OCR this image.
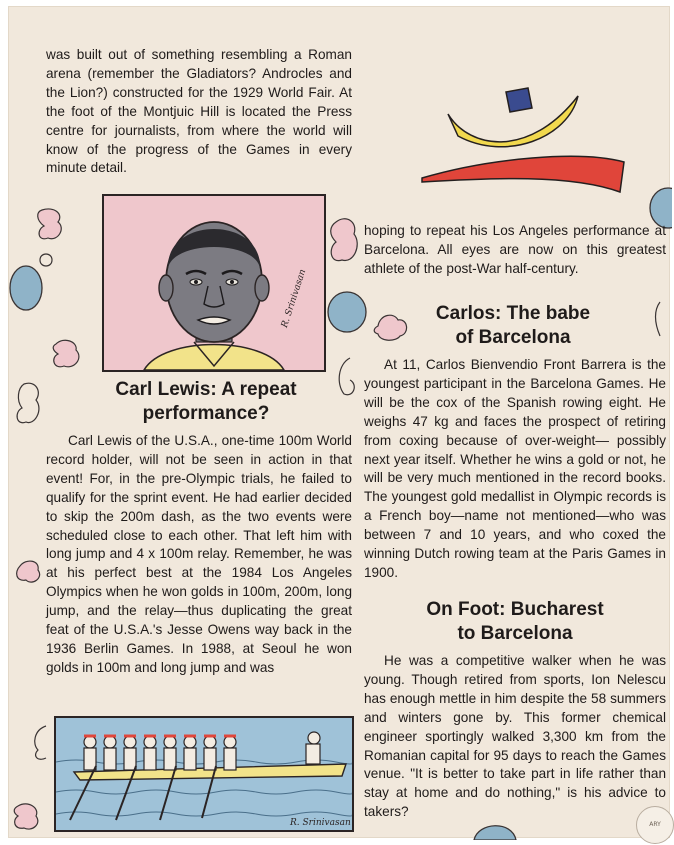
was built out of something resembling a Roman arena (remember the Gladiators? Androcles and the Lion?) constructed for the 1929 World Fair. At the foot of the Montjuic Hill is located the Press centre for journalists, from where the world will know of the progress of the Games in every minute detail.

R. Srinivasan
Carl Lewis: A repeat
performance?

Carl Lewis of the U.S.A., one-time 100m World record holder, will not be seen in action in that event! For, in the pre-Olympic trials, he failed to qualify for the sprint event. He had earlier decided to skip the 200m dash, as the two events were scheduled close to each other. That left him with long jump and 4 x 100m relay. Remember, he was at his perfect best at the 1984 Los Angeles Olympics when he won golds in 100m, 200m, long jump, and the relay—thus duplicating the great feat of the U.S.A.'s Jesse Owens way back in the 1936 Berlin Games. In 1988, at Seoul he won golds in 100m and long jump and was

hoping to repeat his Los Angeles performance at Barcelona. All eyes are now on this greatest athlete of the post-War half-century.

Carlos: The babe
of Barcelona

At 11, Carlos Bienvendio Front Barrera is the youngest participant in the Barcelona Games. He will be the cox of the Spanish rowing eight. He weighs 47 kg and faces the prospect of retiring from coxing because of over-weight— possibly next year itself. Whether he wins a gold or not, he will be very much mentioned in the record books. The youngest gold medallist in Olympic records is a French boy—name not mentioned—who was between 7 and 10 years, and who coxed the winning Dutch rowing team at the Paris Games in 1900.

On Foot: Bucharest
to Barcelona

He was a competitive walker when he was young. Though retired from sports, Ion Nelescu has enough mettle in him despite the 58 summers and winters gone by. This former chemical engineer sportingly walked 3,300 km from the Romanian capital for 95 days to reach the Games venue. "It is better to take part in life rather than stay at home and do nothing," is his advice to takers?

R. Srinivasan	ARY
